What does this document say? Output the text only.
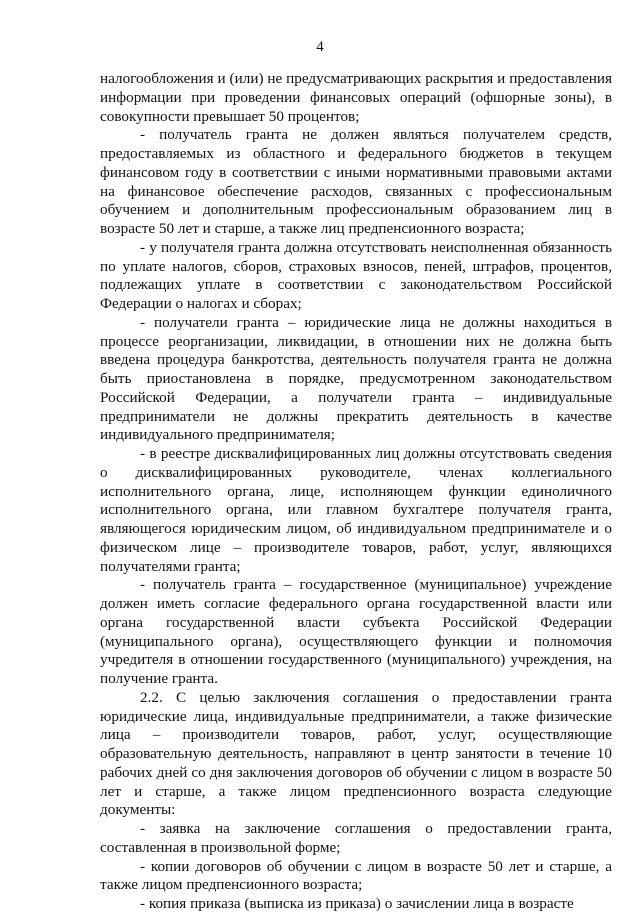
4

налогообложения и (или) не предусматривающих раскрытия и предоставления информации при проведении финансовых операций (офшорные зоны), в совокупности превышает 50 процентов;

- получатель гранта не должен являться получателем средств, предоставляемых из областного и федерального бюджетов в текущем финансовом году в соответствии с иными нормативными правовыми актами на финансовое обеспечение расходов, связанных с профессиональным обучением и дополнительным профессиональным образованием лиц в возрасте 50 лет и старше, а также лиц предпенсионного возраста;

- у получателя гранта должна отсутствовать неисполненная обязанность по уплате налогов, сборов, страховых взносов, пеней, штрафов, процентов, подлежащих уплате в соответствии с законодательством Российской Федерации о налогах и сборах;

- получатели гранта – юридические лица не должны находиться в процессе реорганизации, ликвидации, в отношении них не должна быть введена процедура банкротства, деятельность получателя гранта не должна быть приостановлена в порядке, предусмотренном законодательством Российской Федерации, а получатели гранта – индивидуальные предприниматели не должны прекратить деятельность в качестве индивидуального предпринимателя;

- в реестре дисквалифицированных лиц должны отсутствовать сведения о дисквалифицированных руководителе, членах коллегиального исполнительного органа, лице, исполняющем функции единоличного исполнительного органа, или главном бухгалтере получателя гранта, являющегося юридическим лицом, об индивидуальном предпринимателе и о физическом лице – производителе товаров, работ, услуг, являющихся получателями гранта;

- получатель гранта – государственное (муниципальное) учреждение должен иметь согласие федерального органа государственной власти или органа государственной власти субъекта Российской Федерации (муниципального органа), осуществляющего функции и полномочия учредителя в отношении государственного (муниципального) учреждения, на получение гранта.

2.2. С целью заключения соглашения о предоставлении гранта юридические лица, индивидуальные предприниматели, а также физические лица – производители товаров, работ, услуг, осуществляющие образовательную деятельность, направляют в центр занятости в течение 10 рабочих дней со дня заключения договоров об обучении с лицом в возрасте 50 лет и старше, а также лицом предпенсионного возраста следующие документы:

- заявка на заключение соглашения о предоставлении гранта, составленная в произвольной форме;

- копии договоров об обучении с лицом в возрасте 50 лет и старше, а также лицом предпенсионного возраста;

- копия приказа (выписка из приказа) о зачислении лица в возрасте
